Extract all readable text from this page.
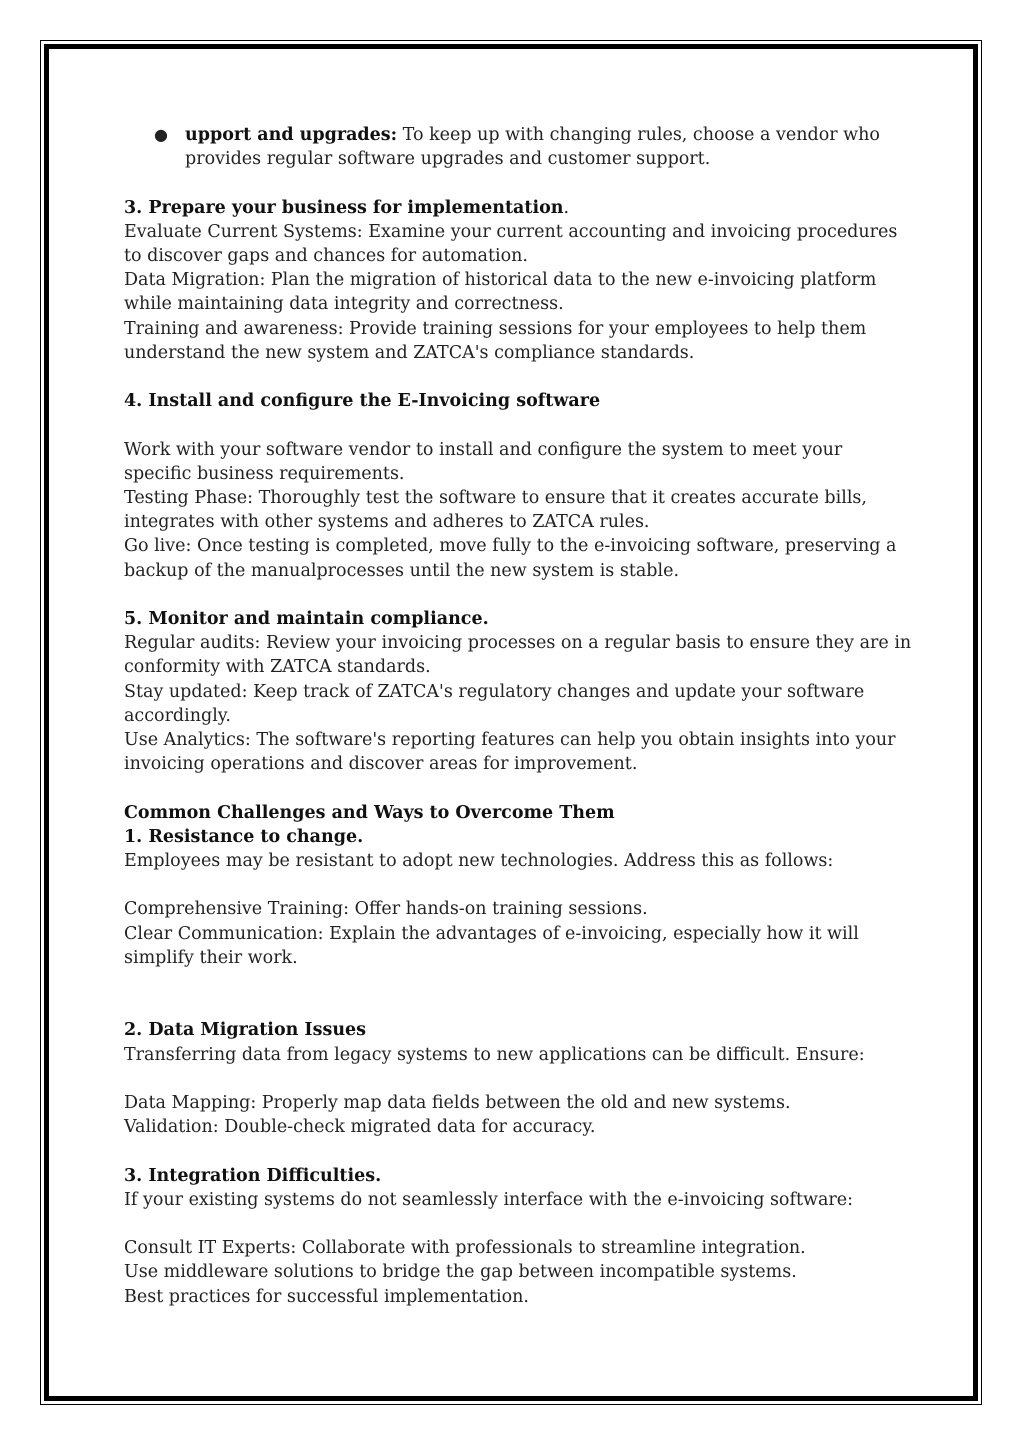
● upport and upgrades: To keep up with changing rules, choose a vendor who
provides regular software upgrades and customer support.
3. Prepare your business for implementation.
Evaluate Current Systems: Examine your current accounting and invoicing procedures
to discover gaps and chances for automation.
Data Migration: Plan the migration of historical data to the new e-invoicing platform
while maintaining data integrity and correctness.
Training and awareness: Provide training sessions for your employees to help them
understand the new system and ZATCA's compliance standards.
4. Install and configure the E-Invoicing software
Work with your software vendor to install and configure the system to meet your
specific business requirements.
Testing Phase: Thoroughly test the software to ensure that it creates accurate bills,
integrates with other systems and adheres to ZATCA rules.
Go live: Once testing is completed, move fully to the e-invoicing software, preserving a
backup of the manualprocesses until the new system is stable.
5. Monitor and maintain compliance.
Regular audits: Review your invoicing processes on a regular basis to ensure they are in
conformity with ZATCA standards.
Stay updated: Keep track of ZATCA's regulatory changes and update your software
accordingly.
Use Analytics: The software's reporting features can help you obtain insights into your
invoicing operations and discover areas for improvement.
Common Challenges and Ways to Overcome Them
1. Resistance to change.
Employees may be resistant to adopt new technologies. Address this as follows:
Comprehensive Training: Offer hands-on training sessions.
Clear Communication: Explain the advantages of e-invoicing, especially how it will
simplify their work.
2. Data Migration Issues
Transferring data from legacy systems to new applications can be difficult. Ensure:
Data Mapping: Properly map data fields between the old and new systems.
Validation: Double-check migrated data for accuracy.
3. Integration Difficulties.
If your existing systems do not seamlessly interface with the e-invoicing software:
Consult IT Experts: Collaborate with professionals to streamline integration.
Use middleware solutions to bridge the gap between incompatible systems.
Best practices for successful implementation.
